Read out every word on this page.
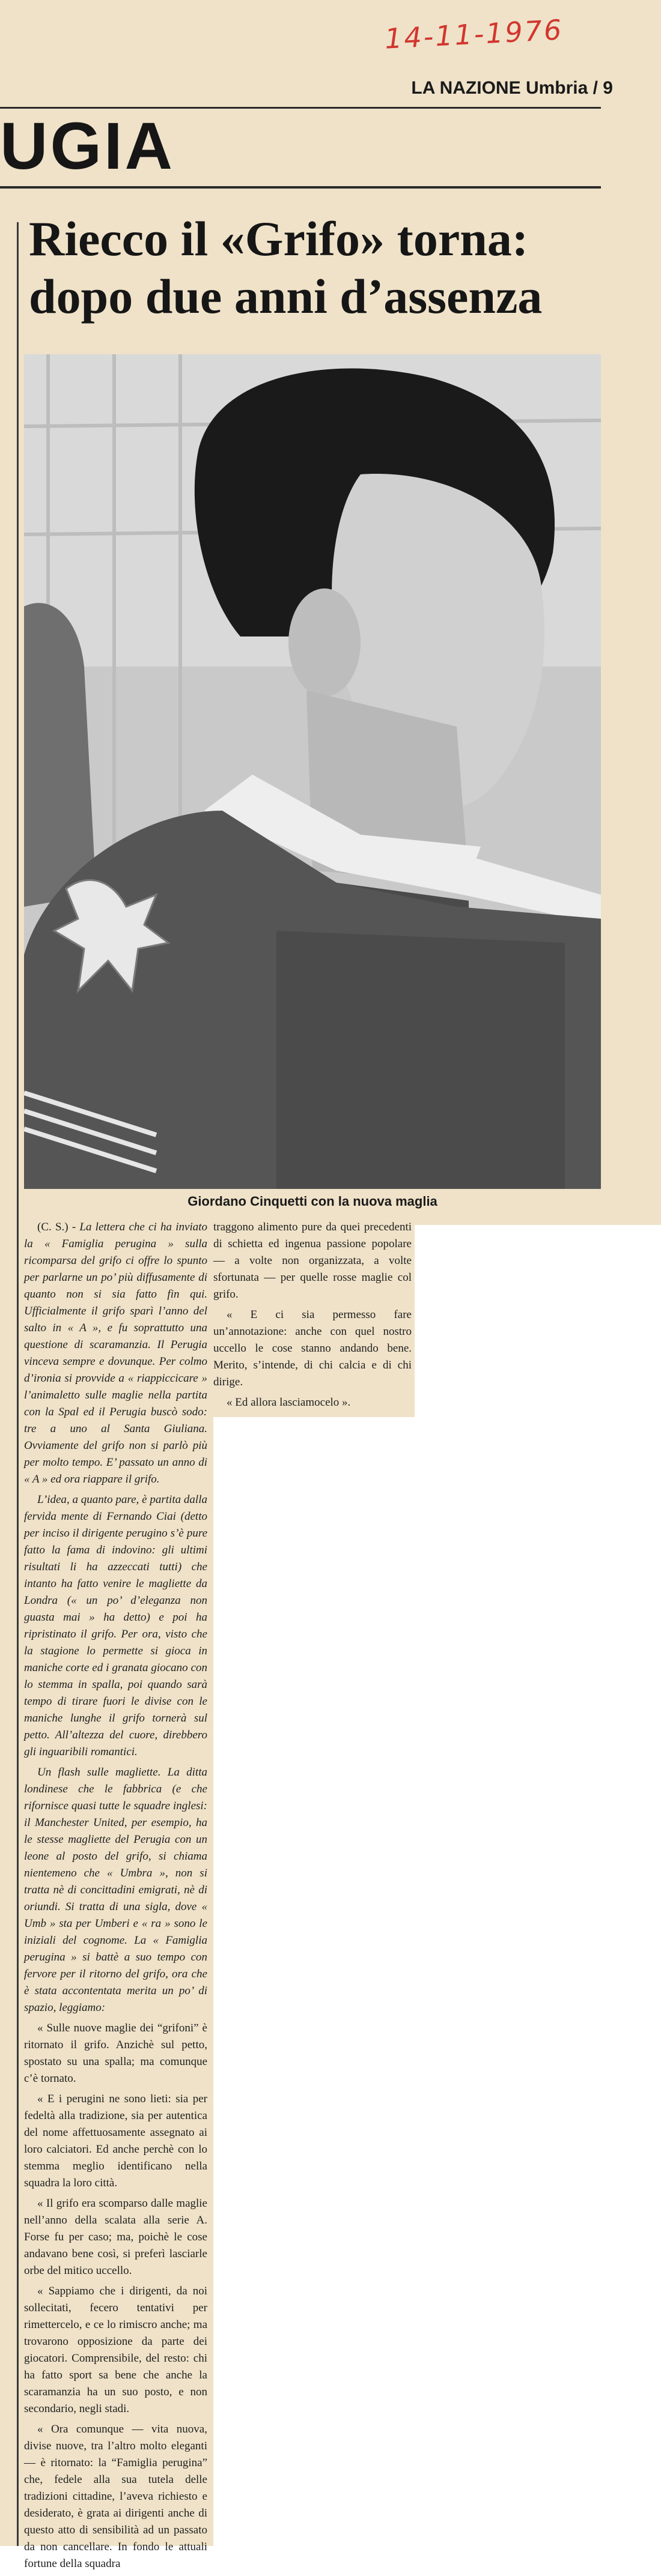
14-11-1976
LA NAZIONE Umbria / 9
UGIA
Riecco il «Grifo» torna: dopo due anni d’assenza
Giordano Cinquetti con la nuova maglia

(C. S.) - La lettera che ci ha inviato la « Famiglia perugina » sulla ricomparsa del grifo ci offre lo spunto per parlarne un po’ più diffusamente di quanto non si sia fatto fin qui. Ufficialmente il grifo sparì l’anno del salto in « A », e fu soprattutto una questione di scaramanzia. Il Perugia vinceva sempre e dovunque. Per colmo d’ironia si provvide a « riappiccicare » l’animaletto sulle maglie nella partita con la Spal ed il Perugia buscò sodo: tre a uno al Santa Giuliana. Ovviamente del grifo non si parlò più per molto tempo. E’ passato un anno di « A » ed ora riappare il grifo.

L’idea, a quanto pare, è partita dalla fervida mente di Fernando Ciai (detto per inciso il dirigente perugino s’è pure fatto la fama di indovino: gli ultimi risultati li ha azzeccati tutti) che intanto ha fatto venire le magliette da Londra (« un po’ d’eleganza non guasta mai » ha detto) e poi ha ripristinato il grifo. Per ora, visto che la stagione lo permette si gioca in maniche corte ed i granata giocano con lo stemma in spalla, poi quando sarà tempo di tirare fuori le divise con le maniche lunghe il grifo tornerà sul petto. All’altezza del cuore, direbbero gli inguaribili romantici.

Un flash sulle magliette. La ditta londinese che le fabbrica (e che rifornisce quasi tutte le squadre inglesi: il Manchester United, per esempio, ha le stesse magliette del Perugia con un leone al posto del grifo, si chiama nientemeno che « Umbra », non si tratta nè di concittadini emigrati, nè di oriundi. Si tratta di una sigla, dove « Umb » sta per Umberi e « ra » sono le iniziali del cognome. La « Famiglia perugina » si battè a suo tempo con fervore per il ritorno del grifo, ora che è stata accontentata merita un po’ di spazio, leggiamo:

« Sulle nuove maglie dei “grifoni” è ritornato il grifo. Anzichè sul petto, spostato su una spalla; ma comunque c’è tornato.

« E i perugini ne sono lieti: sia per fedeltà alla tradizione, sia per autentica del nome affettuosamente assegnato ai loro calciatori. Ed anche perchè con lo stemma meglio identificano nella squadra la loro città.

« Il grifo era scomparso dalle maglie nell’anno della scalata alla serie A. Forse fu per caso; ma, poichè le cose andavano bene così, si preferì lasciarle orbe del mitico uccello.

« Sappiamo che i dirigenti, da noi sollecitati, fecero tentativi per rimettercelo, e ce lo rimiscro anche; ma trovarono opposizione da parte dei giocatori. Comprensibile, del resto: chi ha fatto sport sa bene che anche la scaramanzia ha un suo posto, e non secondario, negli stadi.

« Ora comunque — vita nuova, divise nuove, tra l’altro molto eleganti — è ritornato: la “Famiglia perugina” che, fedele alla sua tutela delle tradizioni cittadine, l’aveva richiesto e desiderato, è grata ai dirigenti anche di questo atto di sensibilità ad un passato da non cancellare. In fondo le attuali fortune della squadra

traggono alimento pure da quei precedenti di schietta ed ingenua passione popolare — a volte non organizzata, a volte sfortunata — per quelle rosse maglie col grifo.

« E ci sia permesso fare un’annotazione: anche con quel nostro uccello le cose stanno andando bene. Merito, s’intende, di chi calcia e di chi dirige.

« Ed allora lasciamocelo ».
